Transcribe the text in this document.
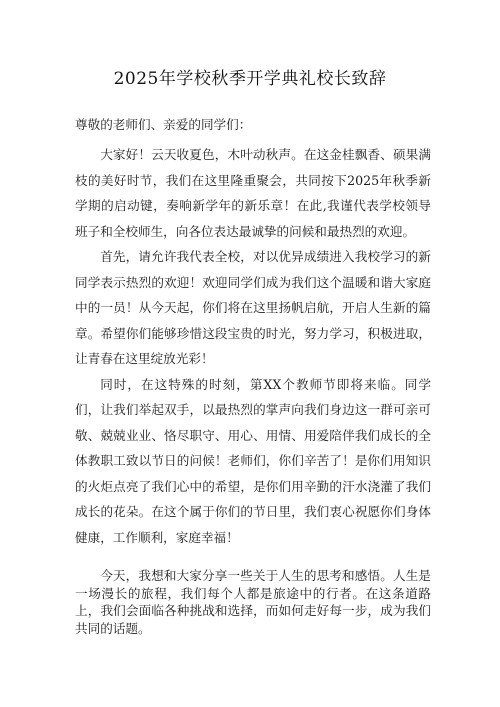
2025年学校秋季开学典礼校长致辞
尊敬的老师们、亲爱的同学们：

大家好！云天收夏色，木叶动秋声。在这金桂飘香、硕果满枝的美好时节，我们在这里隆重聚会，共同按下2025年秋季新学期的启动键，奏响新学年的新乐章！在此,我谨代表学校领导班子和全校师生，向各位表达最诚挚的问候和最热烈的欢迎。

首先，请允许我代表全校，对以优异成绩进入我校学习的新同学表示热烈的欢迎！欢迎同学们成为我们这个温暖和谐大家庭中的一员！从今天起，你们将在这里扬帆启航，开启人生新的篇章。希望你们能够珍惜这段宝贵的时光，努力学习，积极进取，让青春在这里绽放光彩！

同时，在这特殊的时刻，第XX个教师节即将来临。同学们，让我们举起双手，以最热烈的掌声向我们身边这一群可亲可敬、兢兢业业、恪尽职守、用心、用情、用爱陪伴我们成长的全体教职工致以节日的问候！老师们，你们辛苦了！是你们用知识的火炬点亮了我们心中的希望，是你们用辛勤的汗水浇灌了我们成长的花朵。在这个属于你们的节日里，我们衷心祝愿你们身体健康，工作顺利，家庭幸福！

今天，我想和大家分享一些关于人生的思考和感悟。人生是一场漫长的旅程，我们每个人都是旅途中的行者。在这条道路上，我们会面临各种挑战和选择，而如何走好每一步，成为我们共同的话题。
